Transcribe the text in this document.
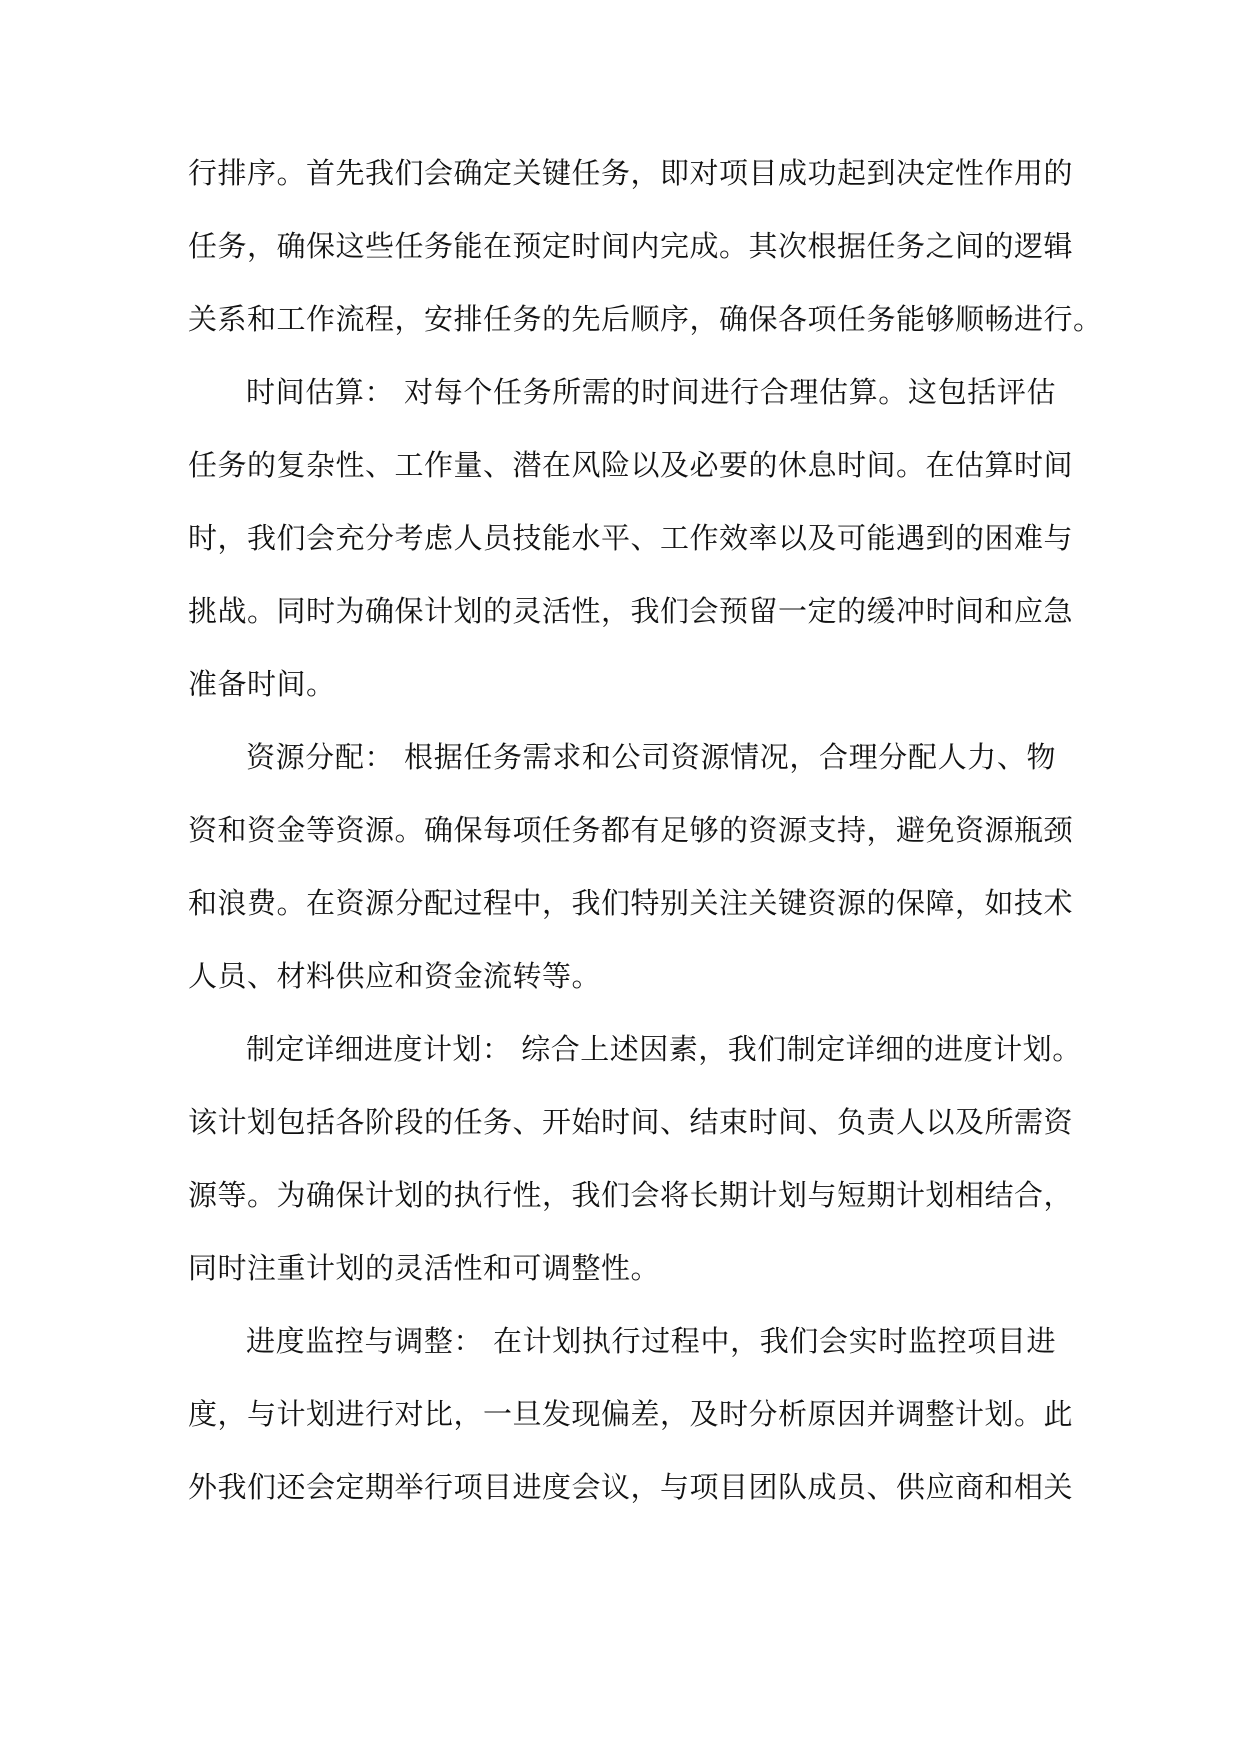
行排序。首先我们会确定关键任务，即对项目成功起到决定性作用的
任务，确保这些任务能在预定时间内完成。其次根据任务之间的逻辑
关系和工作流程，安排任务的先后顺序，确保各项任务能够顺畅进行。
时间估算： 对每个任务所需的时间进行合理估算。这包括评估
任务的复杂性、工作量、潜在风险以及必要的休息时间。在估算时间
时，我们会充分考虑人员技能水平、工作效率以及可能遇到的困难与
挑战。同时为确保计划的灵活性，我们会预留一定的缓冲时间和应急
准备时间。
资源分配： 根据任务需求和公司资源情况，合理分配人力、物
资和资金等资源。确保每项任务都有足够的资源支持，避免资源瓶颈
和浪费。在资源分配过程中，我们特别关注关键资源的保障，如技术
人员、材料供应和资金流转等。
制定详细进度计划： 综合上述因素，我们制定详细的进度计划。
该计划包括各阶段的任务、开始时间、结束时间、负责人以及所需资
源等。为确保计划的执行性，我们会将长期计划与短期计划相结合，
同时注重计划的灵活性和可调整性。
进度监控与调整： 在计划执行过程中，我们会实时监控项目进
度，与计划进行对比，一旦发现偏差，及时分析原因并调整计划。此
外我们还会定期举行项目进度会议，与项目团队成员、供应商和相关
